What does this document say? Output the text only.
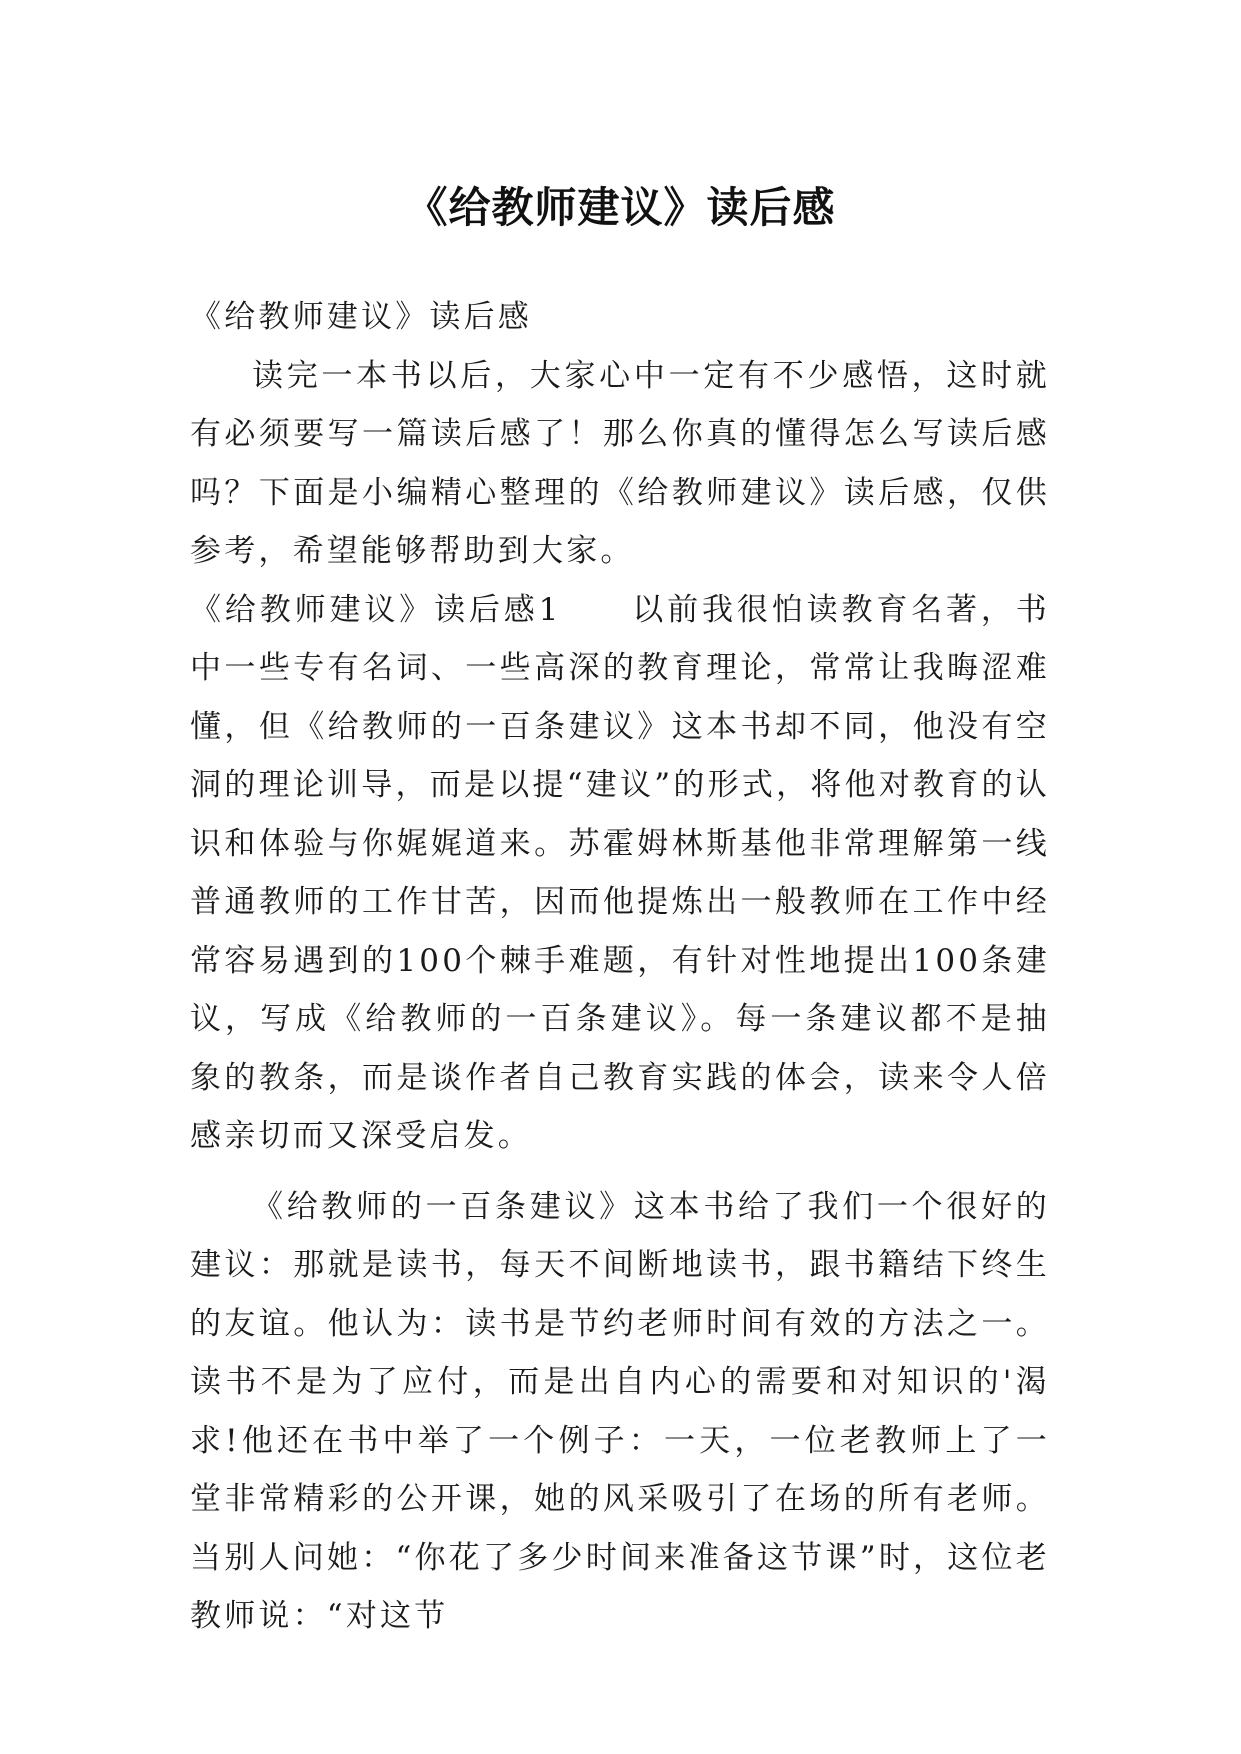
《给教师建议》读后感

《给教师建议》读后感

读完一本书以后，大家心中一定有不少感悟，这时就有必须要写一篇读后感了！那么你真的懂得怎么写读后感吗？下面是小编精心整理的《给教师建议》读后感，仅供参考，希望能够帮助到大家。

《给教师建议》读后感1 以前我很怕读教育名著，书中一些专有名词、一些高深的教育理论，常常让我晦涩难懂，但《给教师的一百条建议》这本书却不同，他没有空洞的理论训导，而是以提“建议”的形式，将他对教育的认识和体验与你娓娓道来。苏霍姆林斯基他非常理解第一线普通教师的工作甘苦，因而他提炼出一般教师在工作中经常容易遇到的100个棘手难题，有针对性地提出100条建议，写成《给教师的一百条建议》。每一条建议都不是抽象的教条，而是谈作者自己教育实践的体会，读来令人倍感亲切而又深受启发。

《给教师的一百条建议》这本书给了我们一个很好的建议：那就是读书，每天不间断地读书，跟书籍结下终生的友谊。他认为：读书是节约老师时间有效的方法之一。读书不是为了应付，而是出自内心的需要和对知识的'渴求!他还在书中举了一个例子：一天，一位老教师上了一堂非常精彩的公开课，她的风采吸引了在场的所有老师。当别人问她：“你花了多少时间来准备这节课”时，这位老教师说：“对这节
